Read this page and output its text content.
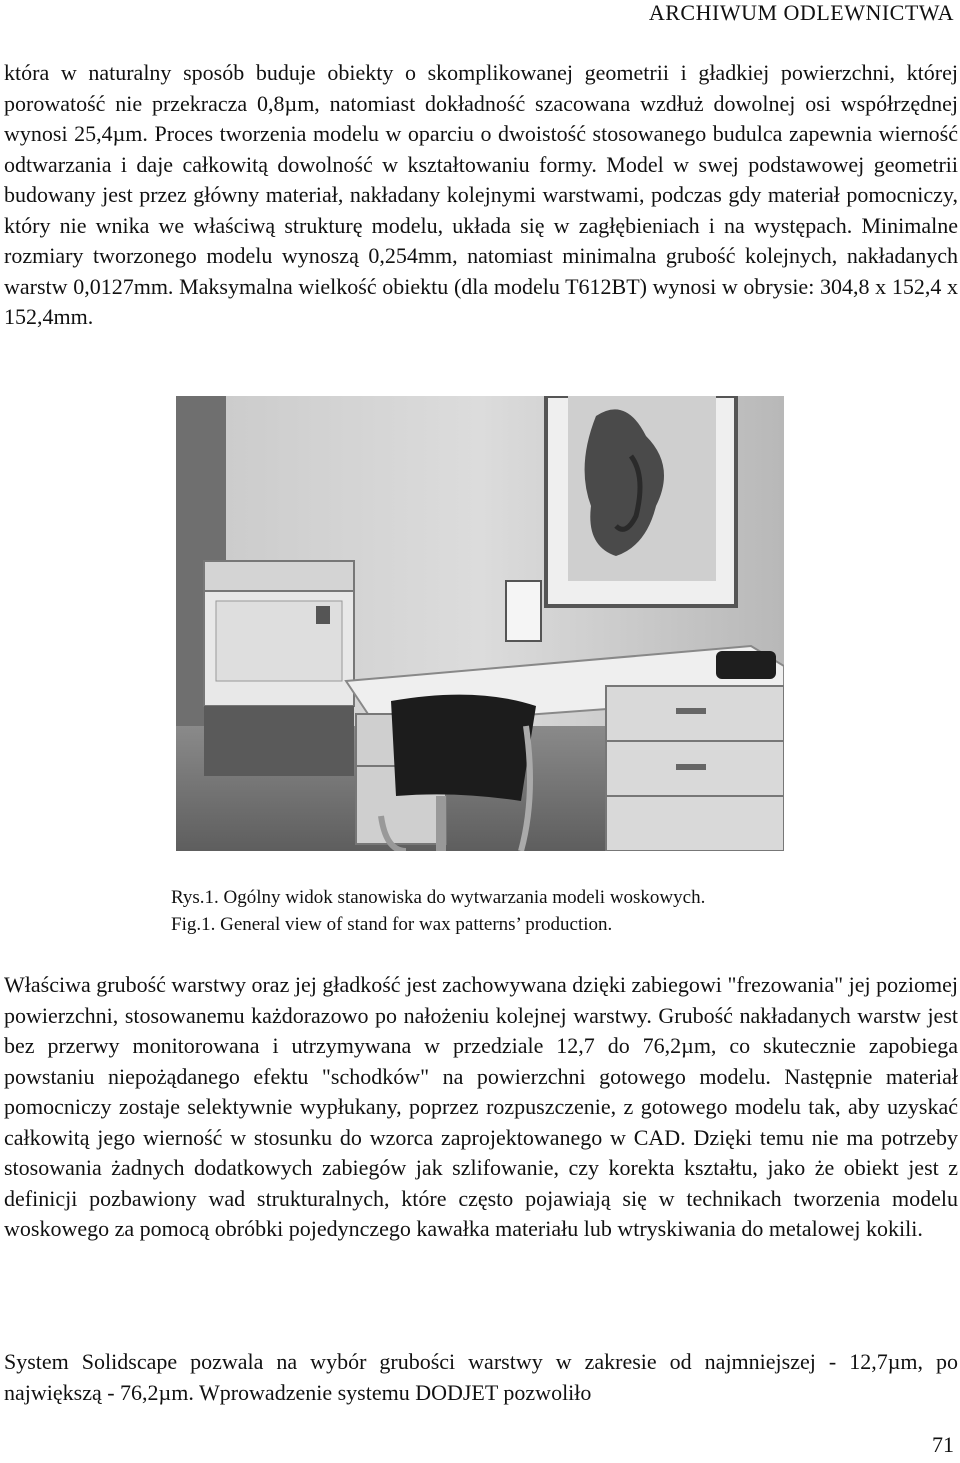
ARCHIWUM ODLEWNICTWA

która w naturalny sposób buduje obiekty o skomplikowanej geometrii i gładkiej powierzchni, której porowatość nie przekracza 0,8µm, natomiast dokładność szacowana wzdłuż dowolnej osi współrzędnej wynosi 25,4µm. Proces tworzenia modelu w oparciu o dwoistość stosowanego budulca zapewnia wierność odtwarzania i daje całkowitą dowolność w kształtowaniu formy. Model w swej podstawowej geometrii budowany jest przez główny materiał, nakładany kolejnymi warstwami, podczas gdy materiał pomocniczy, który nie wnika we właściwą strukturę modelu, układa się w zagłębieniach i na występach. Minimalne rozmiary tworzonego modelu wynoszą 0,254mm, natomiast minimalna grubość kolejnych, nakładanych warstw 0,0127mm. Maksymalna wielkość obiektu (dla modelu T612BT) wynosi w obrysie: 304,8 x 152,4 x 152,4mm.

Rys.1. Ogólny widok stanowiska do wytwarzania modeli woskowych.
Fig.1. General view of stand for wax patterns’ production.

Właściwa grubość warstwy oraz jej gładkość jest zachowywana dzięki zabiegowi "frezowania" jej poziomej powierzchni, stosowanemu każdorazowo po nałożeniu kolejnej warstwy. Grubość nakładanych warstw jest bez przerwy monitorowana i utrzymywana w przedziale 12,7 do 76,2µm, co skutecznie zapobiega powstaniu niepożądanego efektu "schodków" na powierzchni gotowego modelu. Następnie materiał pomocniczy zostaje selektywnie wypłukany, poprzez rozpuszczenie, z gotowego modelu tak, aby uzyskać całkowitą jego wierność w stosunku do wzorca zaprojektowanego w CAD. Dzięki temu nie ma potrzeby stosowania żadnych dodatkowych zabiegów jak szlifowanie, czy korekta kształtu, jako że obiekt jest z definicji pozbawiony wad strukturalnych, które często pojawiają się w technikach tworzenia modelu woskowego za pomocą obróbki pojedynczego kawałka materiału lub wtryskiwania do metalowej kokili.

System Solidscape pozwala na wybór grubości warstwy w zakresie od najmniejszej - 12,7µm, po największą - 76,2µm. Wprowadzenie systemu DODJET pozwoliło

71
